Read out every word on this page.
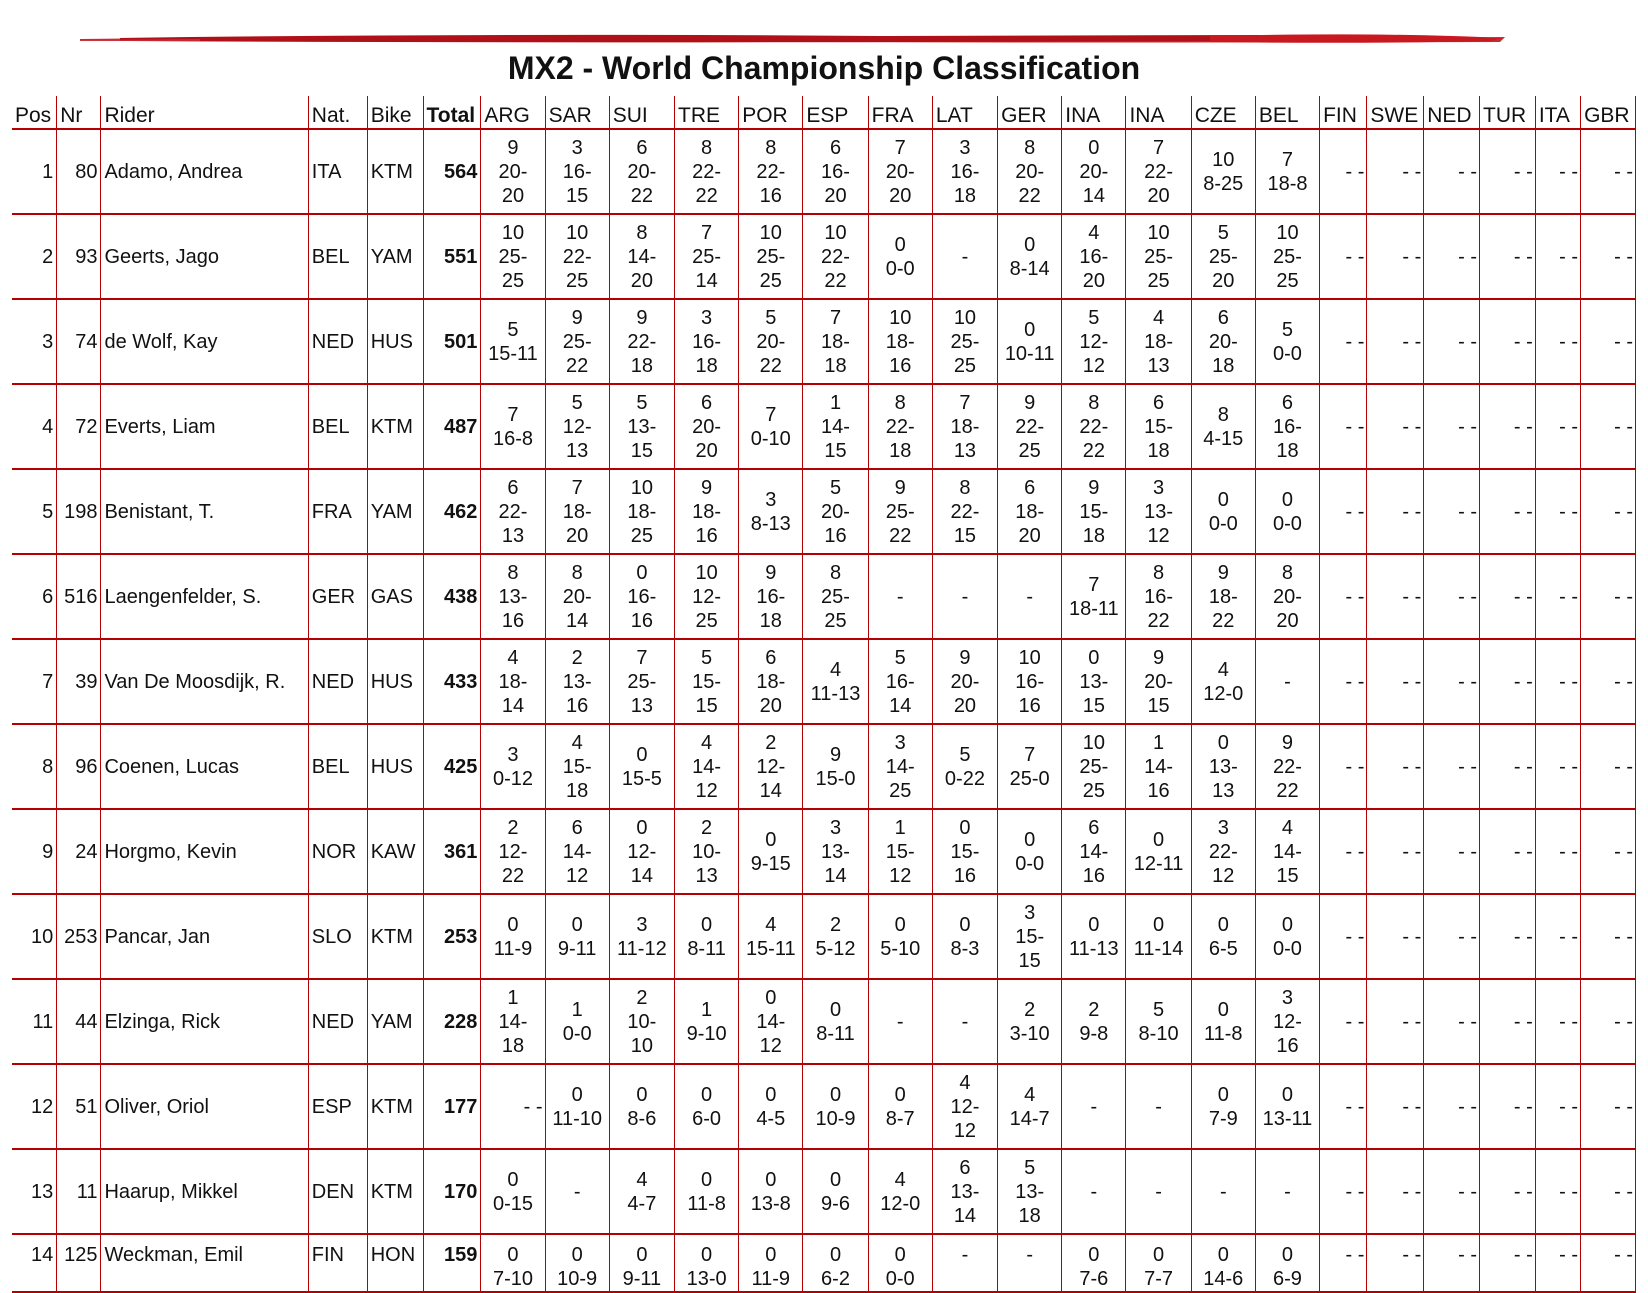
MX2 - World Championship Classification
Pos	Nr	Rider	Nat.	Bike	Total	ARG	SAR	SUI	TRE	POR	ESP	FRA	LAT	GER	INA	INA	CZE	BEL	FIN	SWE	NED	TUR	ITA	GBR
1	80	Adamo, Andrea	ITA	KTM	564	9
20-
20	3
16-
15	6
20-
22	8
22-
22	8
22-
16	6
16-
20	7
20-
20	3
16-
18	8
20-
22	0
20-
14	7
22-
20	10
8-25	7
18-8	- -	- -	- -	- -	- -	- -
2	93	Geerts, Jago	BEL	YAM	551	10
25-
25	10
22-
25	8
14-
20	7
25-
14	10
25-
25	10
22-
22	0
0-0	-	0
8-14	4
16-
20	10
25-
25	5
25-
20	10
25-
25	- -	- -	- -	- -	- -	- -
3	74	de Wolf, Kay	NED	HUS	501	5
15-11	9
25-
22	9
22-
18	3
16-
18	5
20-
22	7
18-
18	10
18-
16	10
25-
25	0
10-11	5
12-
12	4
18-
13	6
20-
18	5
0-0	- -	- -	- -	- -	- -	- -
4	72	Everts, Liam	BEL	KTM	487	7
16-8	5
12-
13	5
13-
15	6
20-
20	7
0-10	1
14-
15	8
22-
18	7
18-
13	9
22-
25	8
22-
22	6
15-
18	8
4-15	6
16-
18	- -	- -	- -	- -	- -	- -
5	198	Benistant, T.	FRA	YAM	462	6
22-
13	7
18-
20	10
18-
25	9
18-
16	3
8-13	5
20-
16	9
25-
22	8
22-
15	6
18-
20	9
15-
18	3
13-
12	0
0-0	0
0-0	- -	- -	- -	- -	- -	- -
6	516	Laengenfelder, S.	GER	GAS	438	8
13-
16	8
20-
14	0
16-
16	10
12-
25	9
16-
18	8
25-
25	-	-	-	7
18-11	8
16-
22	9
18-
22	8
20-
20	- -	- -	- -	- -	- -	- -
7	39	Van De Moosdijk, R.	NED	HUS	433	4
18-
14	2
13-
16	7
25-
13	5
15-
15	6
18-
20	4
11-13	5
16-
14	9
20-
20	10
16-
16	0
13-
15	9
20-
15	4
12-0	-	- -	- -	- -	- -	- -	- -
8	96	Coenen, Lucas	BEL	HUS	425	3
0-12	4
15-
18	0
15-5	4
14-
12	2
12-
14	9
15-0	3
14-
25	5
0-22	7
25-0	10
25-
25	1
14-
16	0
13-
13	9
22-
22	- -	- -	- -	- -	- -	- -
9	24	Horgmo, Kevin	NOR	KAW	361	2
12-
22	6
14-
12	0
12-
14	2
10-
13	0
9-15	3
13-
14	1
15-
12	0
15-
16	0
0-0	6
14-
16	0
12-11	3
22-
12	4
14-
15	- -	- -	- -	- -	- -	- -
10	253	Pancar, Jan	SLO	KTM	253	0
11-9	0
9-11	3
11-12	0
8-11	4
15-11	2
5-12	0
5-10	0
8-3	3
15-
15	0
11-13	0
11-14	0
6-5	0
0-0	- -	- -	- -	- -	- -	- -
11	44	Elzinga, Rick	NED	YAM	228	1
14-
18	1
0-0	2
10-
10	1
9-10	0
14-
12	0
8-11	-	-	2
3-10	2
9-8	5
8-10	0
11-8	3
12-
16	- -	- -	- -	- -	- -	- -
12	51	Oliver, Oriol	ESP	KTM	177	- -	0
11-10	0
8-6	0
6-0	0
4-5	0
10-9	0
8-7	4
12-
12	4
14-7	-	-	0
7-9	0
13-11	- -	- -	- -	- -	- -	- -
13	11	Haarup, Mikkel	DEN	KTM	170	0
0-15	-	4
4-7	0
11-8	0
13-8	0
9-6	4
12-0	6
13-
14	5
13-
18	-	-	-	-	- -	- -	- -	- -	- -	- -
14	125	Weckman, Emil	FIN	HON	159	0
7-10	0
10-9	0
9-11	0
13-0	0
11-9	0
6-2	0
0-0	-	-	0
7-6	0
7-7	0
14-6	0
6-9	- -	- -	- -	- -	- -	- -
